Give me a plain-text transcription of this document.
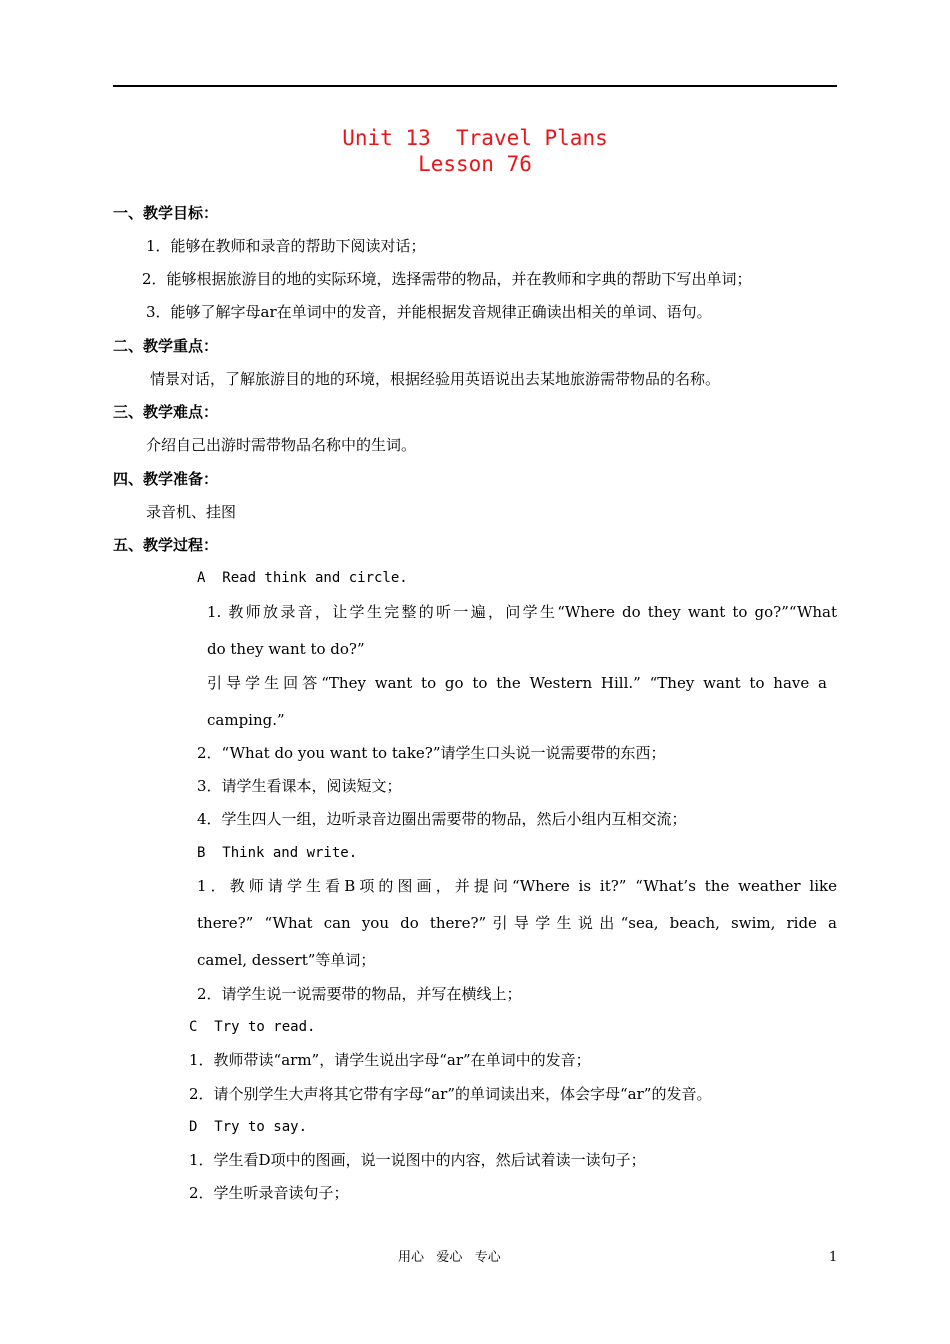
Unit 13  Travel Plans
Lesson 76
一、教学目标：
1．能够在教师和录音的帮助下阅读对话；
2．能够根据旅游目的地的实际环境，选择需带的物品，并在教师和字典的帮助下写出单词；
3．能够了解字母ar在单词中的发音，并能根据发音规律正确读出相关的单词、语句。
二、教学重点：
情景对话，了解旅游目的地的环境，根据经验用英语说出去某地旅游需带物品的名称。
三、教学难点：
介绍自己出游时需带物品名称中的生词。
四、教学准备：
录音机、挂图
五、教学过程：
A  Read think and circle.
1. 教师放录音，让学生完整的听一遍，问学生“Where do they want to go?”“What
do they want to do?”
引导学生回答“They want to go to the Western Hill.” “They want to have a
camping.”
2．“What do you want to take?”请学生口头说一说需要带的东西；
3．请学生看课本，阅读短文；
4．学生四人一组，边听录音边圈出需要带的物品，然后小组内互相交流；
B  Think and write.
1．教师请学生看B项的图画，并提问“Where is it?” “What’s the weather like
there?” “What can you do there?”引导学生说出“sea, beach, swim, ride a
camel, dessert”等单词；
2．请学生说一说需要带的物品，并写在横线上；
C  Try to read.
1．教师带读“arm”，请学生说出字母“ar”在单词中的发音；
2．请个别学生大声将其它带有字母“ar”的单词读出来，体会字母“ar”的发音。
D  Try to say.
1．学生看D项中的图画，说一说图中的内容，然后试着读一读句子；
2．学生听录音读句子；
用心   爱心   专心	1
